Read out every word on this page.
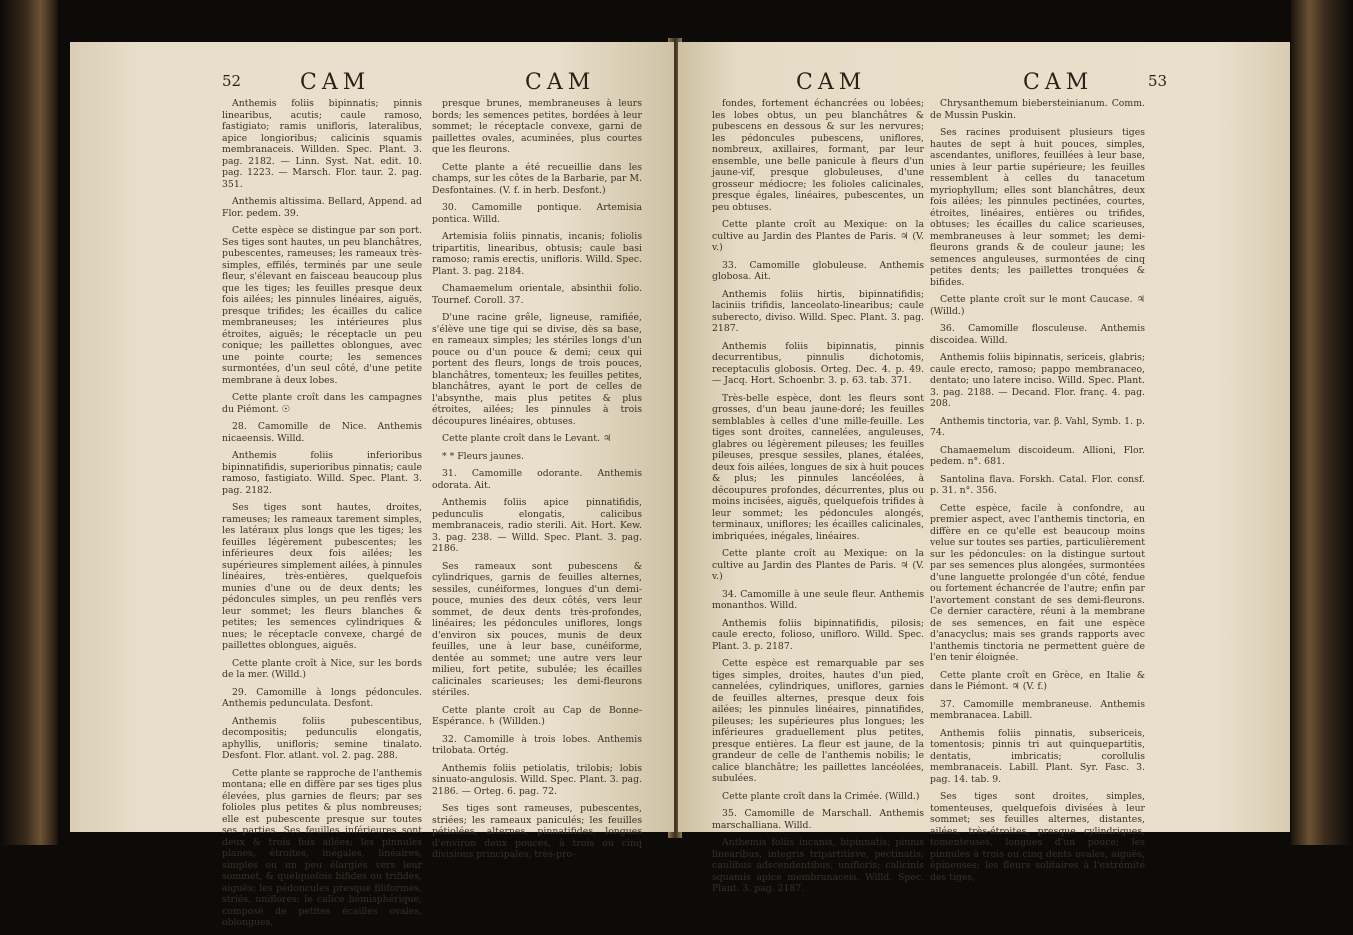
52	CAM	CAM	CAM	CAM	53

Anthemis foliis bipinnatis; pinnis linearibus, acutis; caule ramoso, fastigiato; ramis unifloris, lateralibus, apice longioribus; calicinis squamis membranaceis. Willden. Spec. Plant. 3. pag. 2182. — Linn. Syst. Nat. edit. 10. pag. 1223. — Marsch. Flor. taur. 2. pag. 351.

Anthemis altissima. Bellard, Append. ad Flor. pedem. 39.

Cette espèce se distingue par son port. Ses tiges sont hautes, un peu blanchâtres, pubescentes, rameuses; les rameaux très-simples, effilés, terminés par une seule fleur, s'élevant en faisceau beaucoup plus que les tiges; les feuilles presque deux fois ailées; les pinnules linéaires, aiguës, presque trifides; les écailles du calice membraneuses; les intérieures plus étroites, aiguës; le réceptacle un peu conique; les paillettes oblongues, avec une pointe courte; les semences surmontées, d'un seul côté, d'une petite membrane à deux lobes.

Cette plante croît dans les campagnes du Piémont. ☉

28. Camomille de Nice. Anthemis nicaeensis. Willd.

Anthemis foliis inferioribus bipinnatifidis, superioribus pinnatis; caule ramoso, fastigiato. Willd. Spec. Plant. 3. pag. 2182.

Ses tiges sont hautes, droites, rameuses; les rameaux tarement simples, les latéraux plus longs que les tiges; les feuilles légèrement pubescentes; les inférieures deux fois ailées; les supérieures simplement ailées, à pinnules linéaires, très-entières, quelquefois munies d'une ou de deux dents; les pédoncules simples, un peu renflés vers leur sommet; les fleurs blanches & petites; les semences cylindriques & nues; le réceptacle convexe, chargé de paillettes oblongues, aiguës.

Cette plante croît à Nice, sur les bords de la mer. (Willd.)

29. Camomille à longs pédoncules. Anthemis pedunculata. Desfont.

Anthemis foliis pubescentibus, decompositis; pedunculis elongatis, aphyllis, unifloris; semine tinalato. Desfont. Flor. atlant. vol. 2. pag. 288.

Cette plante se rapproche de l'anthemis montana; elle en diffère par ses tiges plus élevées, plus garnies de fleurs; par ses folioles plus petites & plus nombreuses; elle est pubescente presque sur toutes ses parties. Ses feuilles inférieures sont deux & trois fois ailées; les pinnules planes, étroites, inégales, linéaires, simples ou un peu élargies vers leur sommet, & quelquefois bifides ou trifides, aiguës; les pédoncules presque filiformes, striés, uniflores; le calice hémisphérique, composé de petites écailles ovales, oblongues,

presque brunes, membraneuses à leurs bords; les semences petites, bordées à leur sommet; le réceptacle convexe, garni de paillettes ovales, acuminées, plus courtes que les fleurons.

Cette plante a été recueillie dans les champs, sur les côtes de la Barbarie, par M. Desfontaines. (V. f. in herb. Desfont.)

30. Camomille pontique. Artemisia pontica. Willd.

Artemisia foliis pinnatis, incanis; foliolis tripartitis, linearibus, obtusis; caule basi ramoso; ramis erectis, unifloris. Willd. Spec. Plant. 3. pag. 2184.

Chamaemelum orientale, absinthii folio. Tournef. Coroll. 37.

D'une racine grêle, ligneuse, ramifiée, s'élève une tige qui se divise, dès sa base, en rameaux simples; les stériles longs d'un pouce ou d'un pouce & demi; ceux qui portent des fleurs, longs de trois pouces, blanchâtres, tomenteux; les feuilles petites, blanchâtres, ayant le port de celles de l'absynthe, mais plus petites & plus étroites, ailées; les pinnules à trois découpures linéaires, obtuses.

Cette plante croît dans le Levant. ♃

* * Fleurs jaunes.

31. Camomille odorante. Anthemis odorata. Ait.

Anthemis foliis apice pinnatifidis, pedunculis elongatis, calicibus membranaceis, radio sterili. Ait. Hort. Kew. 3. pag. 238. — Willd. Spec. Plant. 3. pag. 2186.

Ses rameaux sont pubescens & cylindriques, garnis de feuilles alternes, sessiles, cunéiformes, longues d'un demi-pouce, munies des deux côtés, vers leur sommet, de deux dents très-profondes, linéaires; les pédoncules uniflores, longs d'environ six pouces, munis de deux feuilles, une à leur base, cunéiforme, dentée au sommet; une autre vers leur milieu, fort petite, subulée; les écailles calicinales scarieuses; les demi-fleurons stériles.

Cette plante croît au Cap de Bonne-Espérance. ♄ (Willden.)

32. Camomille à trois lobes. Anthemis trilobata. Ortég.

Anthemis foliis petiolatis, trilobis; lobis sinuato-angulosis. Willd. Spec. Plant. 3. pag. 2186. — Orteg. 6. pag. 72.

Ses tiges sont rameuses, pubescentes, striées; les rameaux paniculés; les feuilles pétiolées, alternes, pinnatifides, longues d'environ deux pouces, à trois ou cinq divisions principales, très-pro-

fondes, fortement échancrées ou lobées; les lobes obtus, un peu blanchâtres & pubescens en dessous & sur les nervures; les pédoncules pubescens, uniflores, nombreux, axillaires, formant, par leur ensemble, une belle panicule à fleurs d'un jaune-vif, presque globuleuses, d'une grosseur médiocre; les folioles calicinales, presque égales, linéaires, pubescentes, un peu obtuses.

Cette plante croît au Mexique: on la cultive au Jardin des Plantes de Paris. ♃ (V. v.)

33. Camomille globuleuse. Anthemis globosa. Ait.

Anthemis foliis hirtis, bipinnatifidis; laciniis trifidis, lanceolato-linearibus; caule suberecto, diviso. Willd. Spec. Plant. 3. pag. 2187.

Anthemis foliis bipinnatis, pinnis decurrentibus, pinnulis dichotomis, receptaculis globosis. Orteg. Dec. 4. p. 49. — Jacq. Hort. Schoenbr. 3. p. 63. tab. 371.

Très-belle espèce, dont les fleurs sont grosses, d'un beau jaune-doré; les feuilles semblables à celles d'une mille-feuille. Les tiges sont droites, cannelées, anguleuses, glabres ou légèrement pileuses; les feuilles pileuses, presque sessiles, planes, étalées, deux fois ailées, longues de six à huit pouces & plus; les pinnules lancéolées, à découpures profondes, décurrentes, plus ou moins incisées, aiguës, quelquefois trifides à leur sommet; les pédoncules alongés, terminaux, uniflores; les écailles calicinales, imbriquées, inégales, linéaires.

Cette plante croît au Mexique: on la cultive au Jardin des Plantes de Paris. ♃ (V. v.)

34. Camomille à une seule fleur. Anthemis monanthos. Willd.

Anthemis foliis bipinnatifidis, pilosis; caule erecto, folioso, unifloro. Willd. Spec. Plant. 3. p. 2187.

Cette espèce est remarquable par ses tiges simples, droites, hautes d'un pied, cannelées, cylindriques, uniflores, garnies de feuilles alternes, presque deux fois ailées; les pinnules linéaires, pinnatifides, pileuses; les supérieures plus longues; les inférieures graduellement plus petites, presque entières. La fleur est jaune, de la grandeur de celle de l'anthemis nobilis; le calice blanchâtre; les paillettes lancéolées, subulées.

Cette plante croît dans la Crimée. (Willd.)

35. Camomille de Marschall. Anthemis marschalliana. Willd.

Anthemis foliis incanis, bipinnatis; pinnis linearibus, integris tripartitisve, pectinatis; caulibus adscendentibus, unifloris; calicinis squamis apice membranaceis. Willd. Spec. Plant. 3. pag. 2187.

Chrysanthemum biebersteinianum. Comm. de Mussin Puskin.

Ses racines produisent plusieurs tiges hautes de sept à huit pouces, simples, ascendantes, uniflores, feuillées à leur base, unies à leur partie supérieure; les feuilles ressemblent à celles du tanacetum myriophyllum; elles sont blanchâtres, deux fois ailées; les pinnules pectinées, courtes, étroites, linéaires, entières ou trifides, obtuses; les écailles du calice scarieuses, membraneuses à leur sommet; les demi-fleurons grands & de couleur jaune; les semences anguleuses, surmontées de cinq petites dents; les paillettes tronquées & bifides.

Cette plante croît sur le mont Caucase. ♃ (Willd.)

36. Camomille flosculeuse. Anthemis discoidea. Willd.

Anthemis foliis bipinnatis, sericeis, glabris; caule erecto, ramoso; pappo membranaceo, dentato; uno latere inciso. Willd. Spec. Plant. 3. pag. 2188. — Decand. Flor. franç. 4. pag. 208.

Anthemis tinctoria, var. β. Vahl, Symb. 1. p. 74.

Chamaemelum discoideum. Allioni, Flor. pedem. n°. 681.

Santolina flava. Forskh. Catal. Flor. consf. p. 31. n°. 356.

Cette espèce, facile à confondre, au premier aspect, avec l'anthemis tinctoria, en diffère en ce qu'elle est beaucoup moins velue sur toutes ses parties, particulièrement sur les pédoncules: on la distingue surtout par ses semences plus alongées, surmontées d'une languette prolongée d'un côté, fendue ou fortement échancrée de l'autre; enfin par l'avortement constant de ses demi-fleurons. Ce dernier caractère, réuni à la membrane de ses semences, en fait une espèce d'anacyclus; mais ses grands rapports avec l'anthemis tinctoria ne permettent guère de l'en tenir éloignée.

Cette plante croît en Grèce, en Italie & dans le Piémont. ♃ (V. f.)

37. Camomille membraneuse. Anthemis membranacea. Labill.

Anthemis foliis pinnatis, subsericeis, tomentosis; pinnis tri aut quinquepartitis, dentatis, imbricatis; corollulis membranaceis. Labill. Plant. Syr. Fasc. 3. pag. 14. tab. 9.

Ses tiges sont droites, simples, tomenteuses, quelquefois divisées à leur sommet; ses feuilles alternes, distantes, ailées, très-étroites, presque cylindriques, tomenteuses, longues d'un pouce; les pinnules à trois ou cinq dents ovales, aiguës, épineuses; les fleurs solitaires à l'extrémité des tiges,
